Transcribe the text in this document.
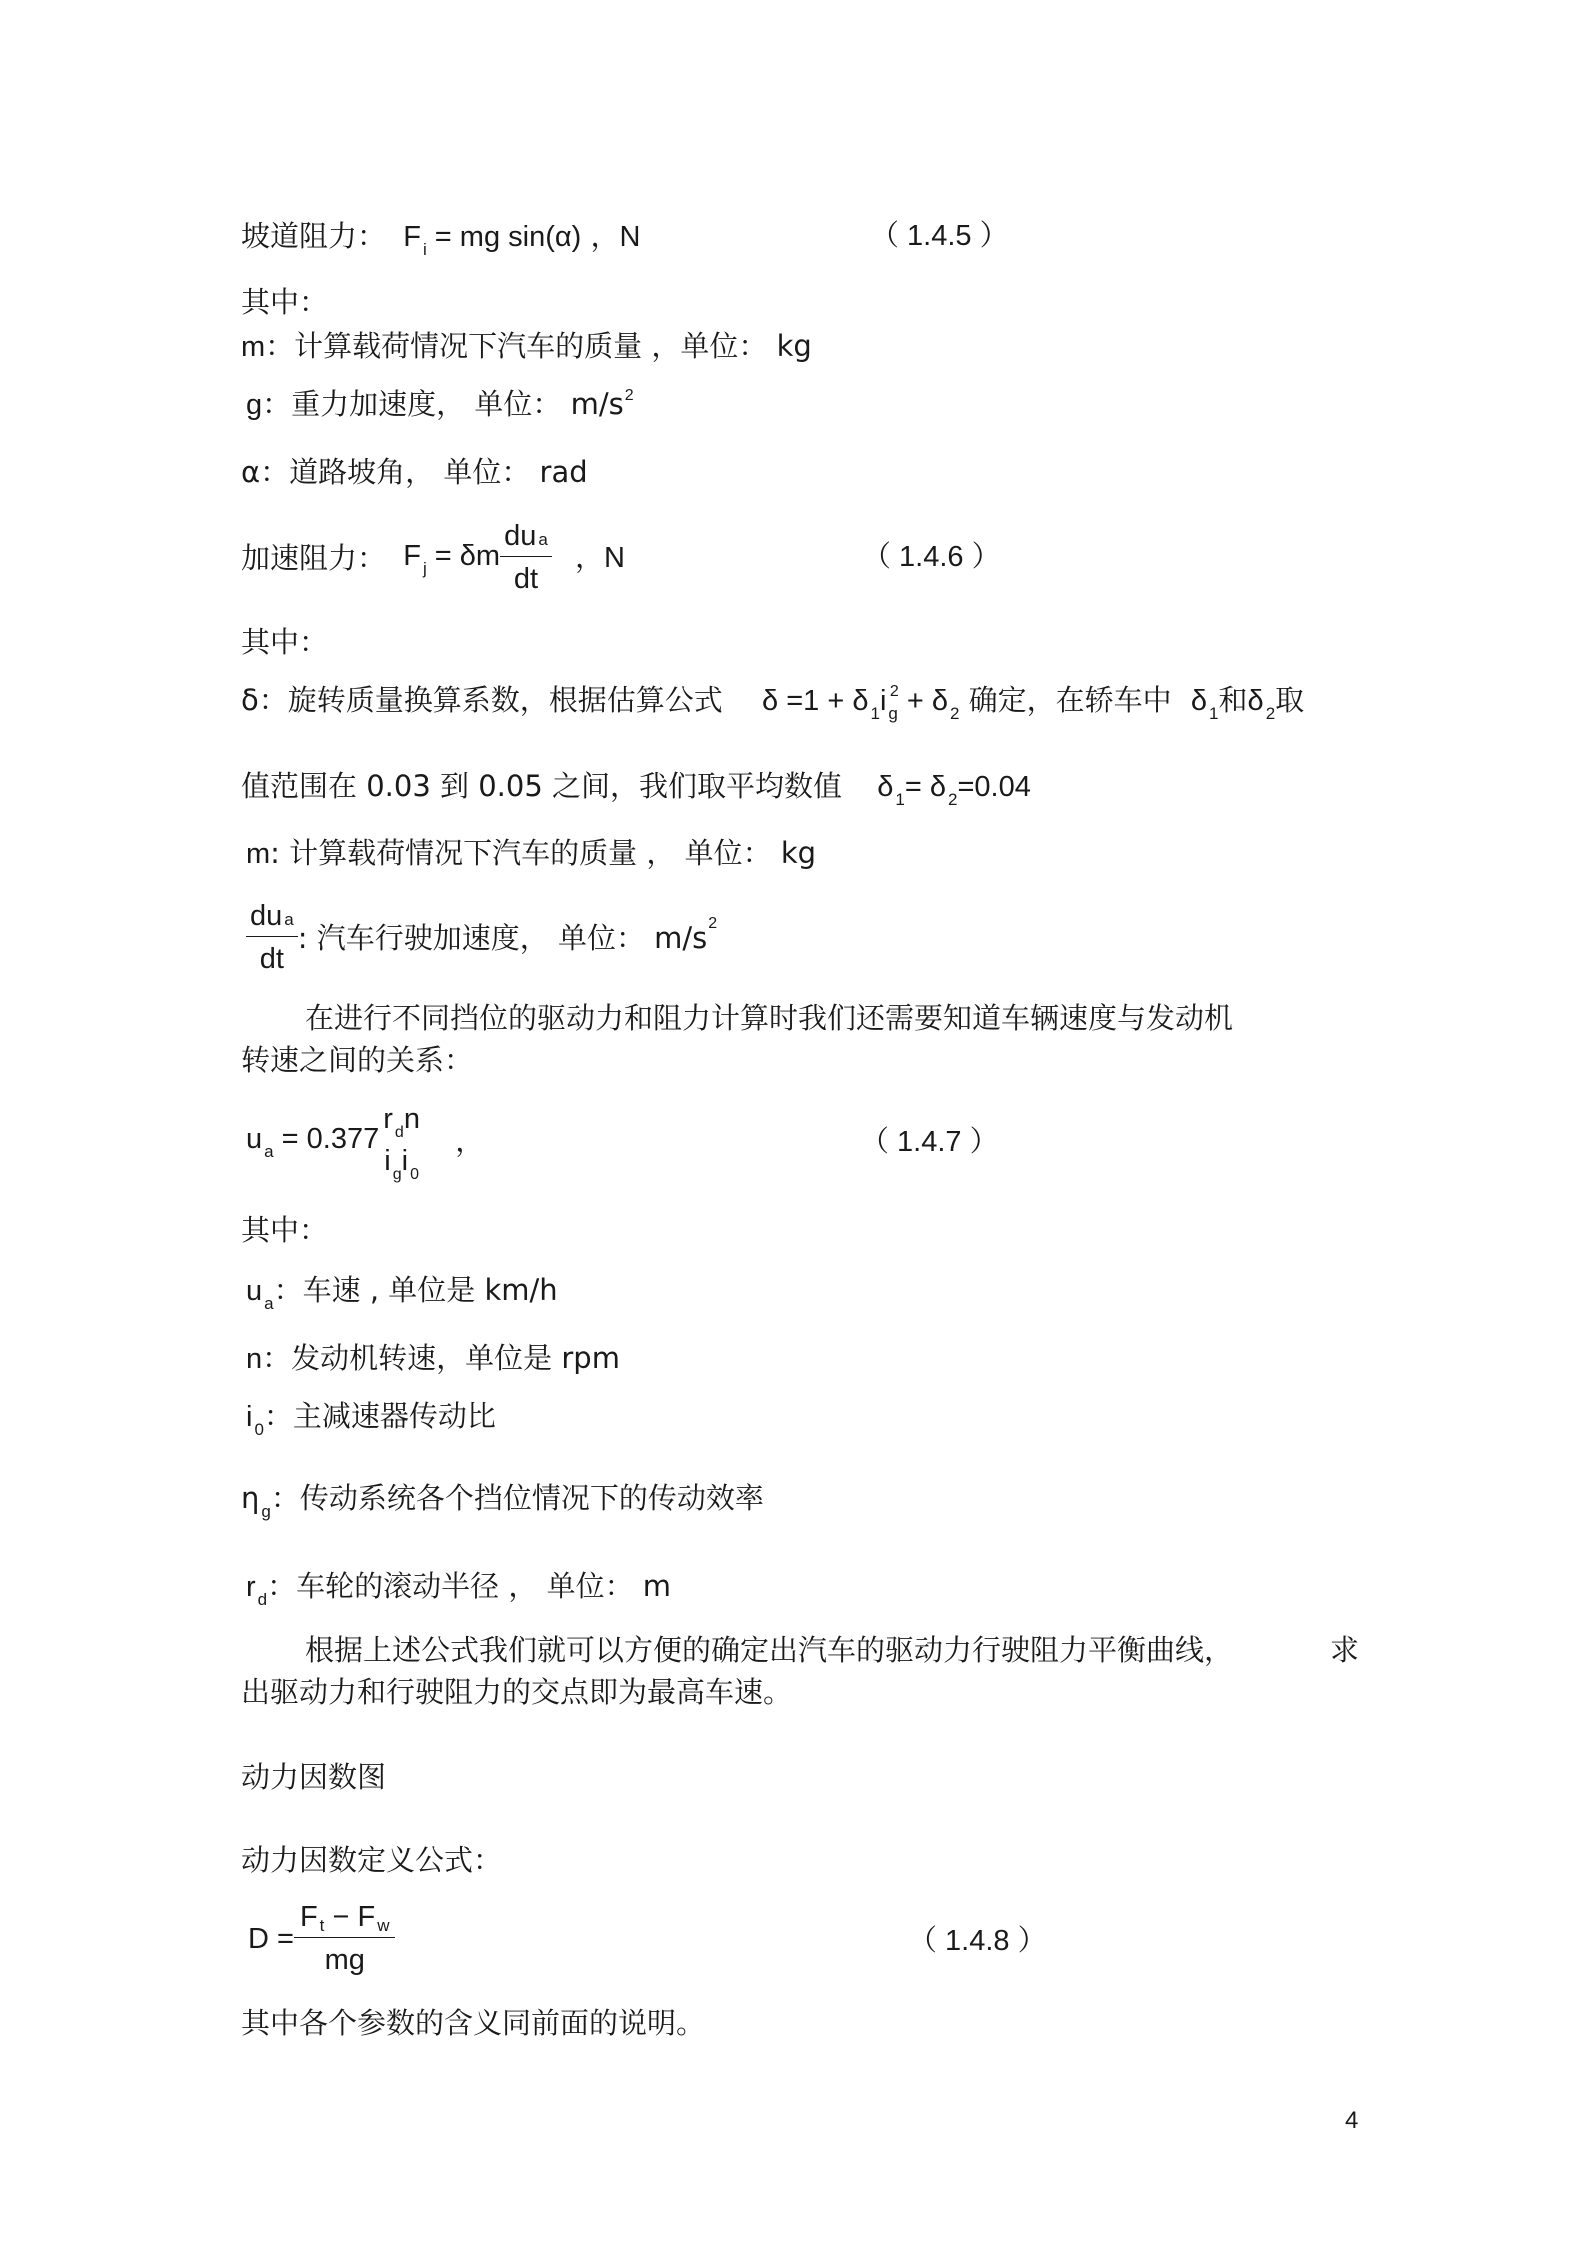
坡道阻力： F $_i$ = mg sin(α) ，N	（ 1.4.5 ）
其中：
m：计算载荷情况下汽车的质量 ，单位： kg
g：重力加速度， 单位： $m/s^2$
α：道路坡角， 单位： rad
加速阻力： F $_j$ = δm $\frac{\text{du a}}{dt}$ ，N	（ 1.4.6 ）
其中：
δ：旋转质量换算系数，根据估算公式 δ =1 + δ $_1$i $_g^2$ + δ $_2$ 确定，在轿车中 δ $_1$和δ $_2$取
值范围在 0.03 到 0.05 之间，我们取平均数值 δ $_1$= δ $_2$=0.04
m: 计算载荷情况下汽车的质量 ， 单位： kg
$\frac{\text{du a}}{dt}$ : 汽车行驶加速度， 单位： $m/s^2$
在进行不同挡位的驱动力和阻力计算时我们还需要知道车辆速度与发动机
转速之间的关系：
u $_a$ = 0.377
r $_d$n
i $_g$i $_0$
，	（ 1.4.7 ）
其中：
u $_a$：车速 , 单位是 km/h
n：发动机转速，单位是 rpm
i $_0$：主减速器传动比
η $_g$：传动系统各个挡位情况下的传动效率
r $_d$：车轮的滚动半径 ， 单位： m
根据上述公式我们就可以方便的确定出汽车的驱动力行驶阻力平衡曲线，	求
出驱动力和行驶阻力的交点即为最高车速。
动力因数图
动力因数定义公式：
$D = \frac{\text{F t − F w}}{mg}$	（ 1.4.8 ）
其中各个参数的含义同前面的说明。
4
